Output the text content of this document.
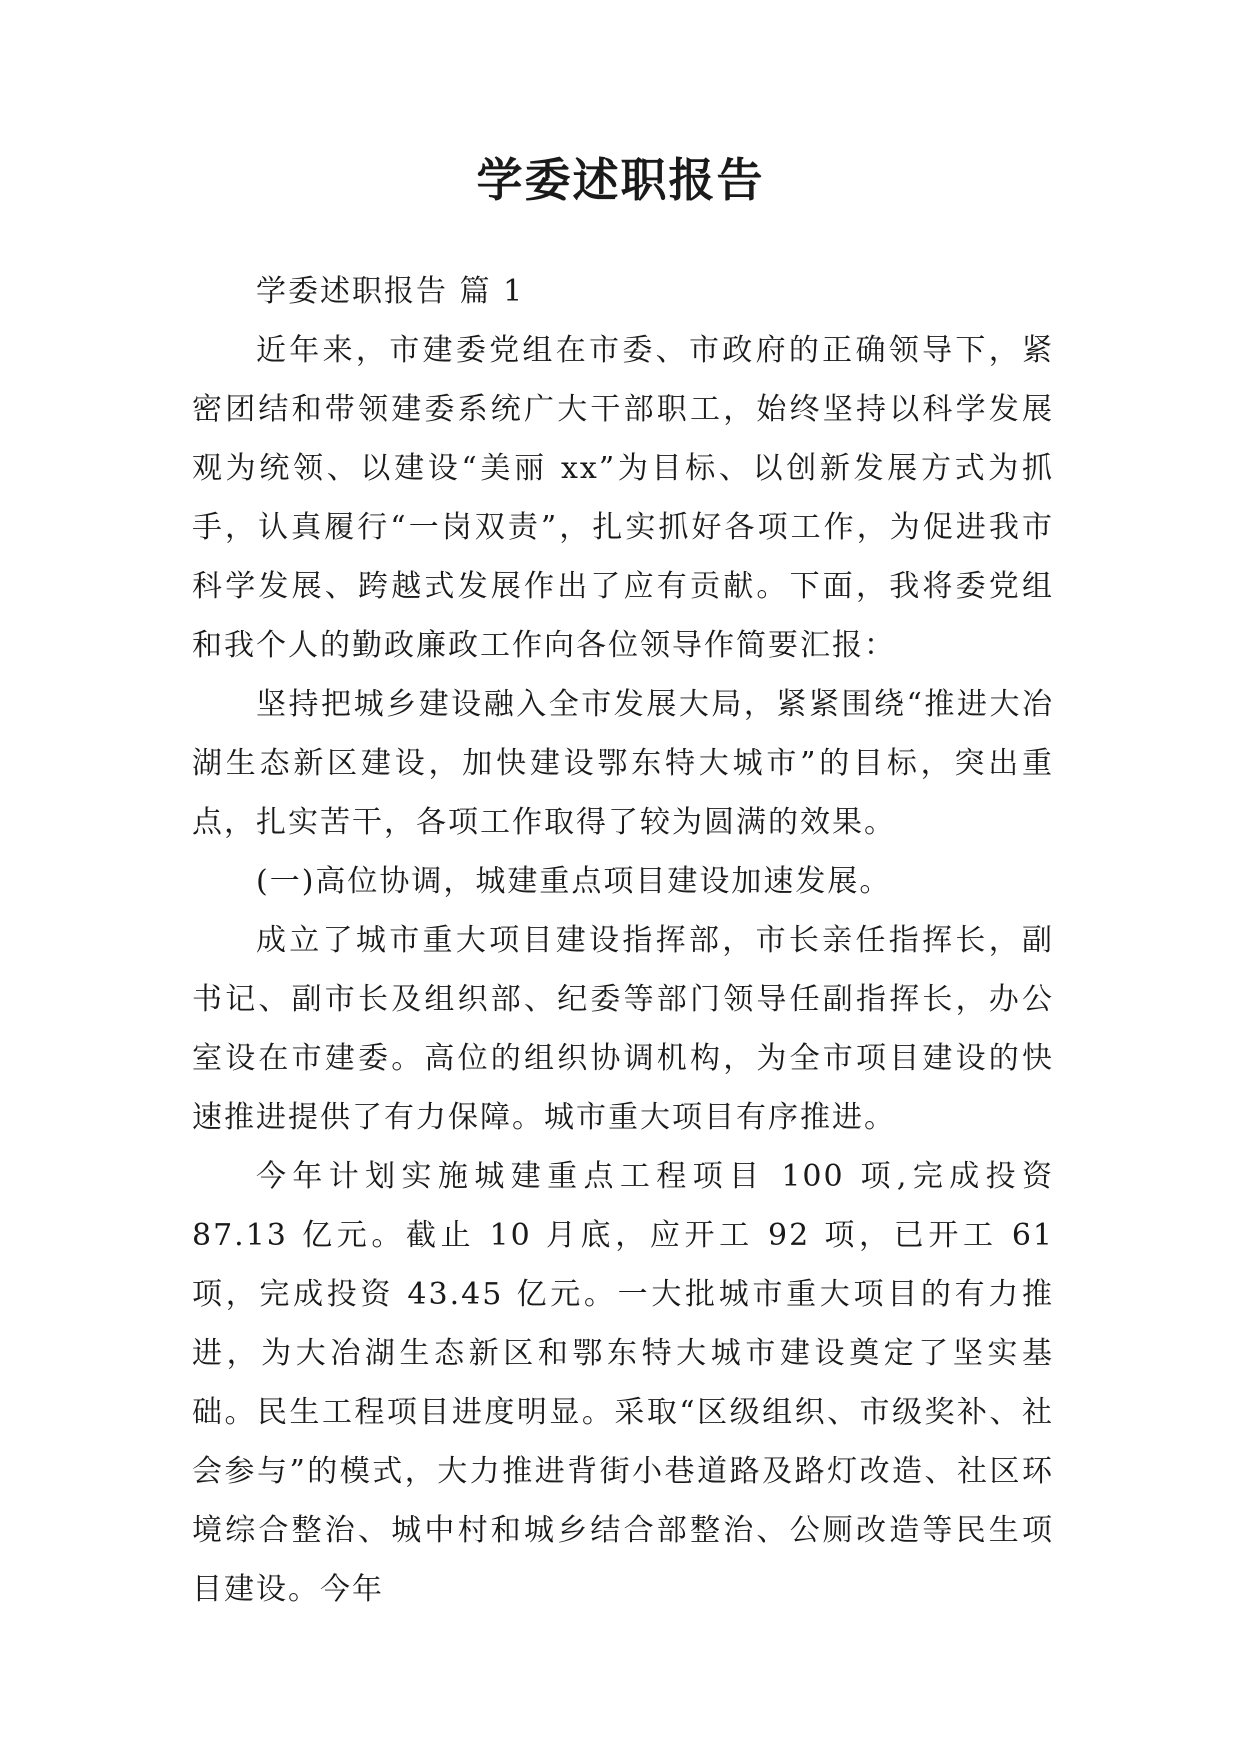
学委述职报告

学委述职报告 篇 1

近年来，市建委党组在市委、市政府的正确领导下，紧密团结和带领建委系统广大干部职工，始终坚持以科学发展观为统领、以建设“美丽 xx”为目标、以创新发展方式为抓手，认真履行“一岗双责”，扎实抓好各项工作，为促进我市科学发展、跨越式发展作出了应有贡献。下面，我将委党组和我个人的勤政廉政工作向各位领导作简要汇报：

坚持把城乡建设融入全市发展大局，紧紧围绕“推进大冶湖生态新区建设，加快建设鄂东特大城市”的目标，突出重点，扎实苦干，各项工作取得了较为圆满的效果。

(一)高位协调，城建重点项目建设加速发展。

成立了城市重大项目建设指挥部，市长亲任指挥长，副书记、副市长及组织部、纪委等部门领导任副指挥长，办公室设在市建委。高位的组织协调机构，为全市项目建设的快速推进提供了有力保障。城市重大项目有序推进。

今年计划实施城建重点工程项目 100 项,完成投资 87.13 亿元。截止 10 月底，应开工 92 项，已开工 61 项，完成投资 43.45 亿元。一大批城市重大项目的有力推进，为大冶湖生态新区和鄂东特大城市建设奠定了坚实基础。民生工程项目进度明显。采取“区级组织、市级奖补、社会参与”的模式，大力推进背街小巷道路及路灯改造、社区环境综合整治、城中村和城乡结合部整治、公厕改造等民生项目建设。今年
